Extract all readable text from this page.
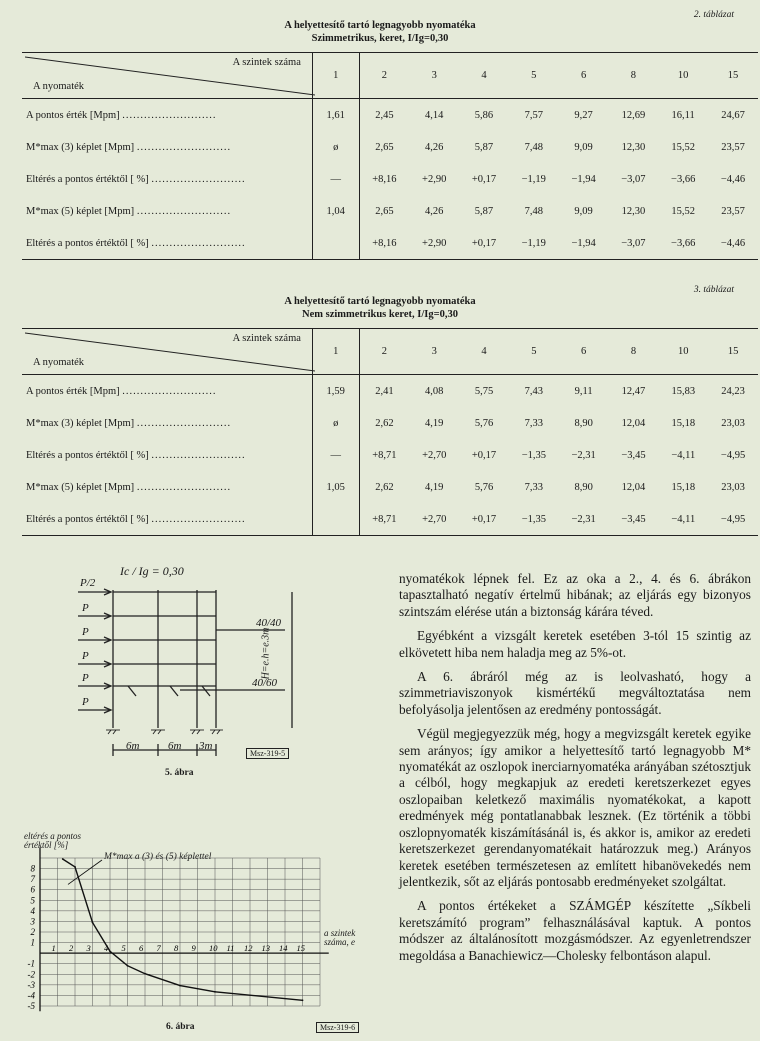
2. táblázat
A helyettesítő tartó legnagyobb nyomatéka
Szimmetrikus, keret, I/Ig=0,30
A szintek száma
A nyomaték	1	2	3	4	5	6	8	10	15
A pontos érték [Mpm] ..........................	1,61	2,45	4,14	5,86	7,57	9,27	12,69	16,11	24,67
M*max (3) képlet [Mpm] ..........................	ø	2,65	4,26	5,87	7,48	9,09	12,30	15,52	23,57
Eltérés a pontos értéktől [ %] ..........................	—	+8,16	+2,90	+0,17	−1,19	−1,94	−3,07	−3,66	−4,46
M*max (5) képlet [Mpm] ..........................	1,04	2,65	4,26	5,87	7,48	9,09	12,30	15,52	23,57
Eltérés a pontos értéktől [ %] ..........................		+8,16	+2,90	+0,17	−1,19	−1,94	−3,07	−3,66	−4,46
3. táblázat
A helyettesítő tartó legnagyobb nyomatéka
Nem szimmetrikus keret, I/Ig=0,30
A szintek száma
A nyomaték	1	2	3	4	5	6	8	10	15
A pontos érték [Mpm] ..........................	1,59	2,41	4,08	5,75	7,43	9,11	12,47	15,83	24,23
M*max (3) képlet [Mpm] ..........................	ø	2,62	4,19	5,76	7,33	8,90	12,04	15,18	23,03
Eltérés a pontos értéktől [ %] ..........................	—	+8,71	+2,70	+0,17	−1,35	−2,31	−3,45	−4,11	−4,95
M*max (5) képlet [Mpm] ..........................	1,05	2,62	4,19	5,76	7,33	8,90	12,04	15,18	23,03
Eltérés a pontos értéktől [ %] ..........................		+8,71	+2,70	+0,17	−1,35	−2,31	−3,45	−4,11	−4,95
Ic / Ig = 0,30
P/2
P
P
P
P
P
40/40
40/60
H=e.h=e.3m
6m	6m 3m
Msz-319-5
5. ábra
eltérés a pontos
értéktől [%]
M*max a (3) és (5) képlettel
a szintek
száma, e
8
7
6
5
4
3
2
1
-1
-2
-3
-4
-5
1 2 3 4 5 6 7 8 9 10 11 12 13 14 15
Msz-319-6
6. ábra

nyomatékok lépnek fel. Ez az oka a 2., 4. és 6. ábrákon tapasztalható negatív értelmű hibának; az eljárás egy bizonyos szintszám elérése után a biztonság kárára téved.

Egyébként a vizsgált keretek esetében 3-tól 15 szintig az elkövetett hiba nem haladja meg az 5%-ot.

A 6. ábráról még az is leolvasható, hogy a szimmetriaviszonyok kismértékű megváltoztatása nem befolyásolja jelentősen az eredmény pontosságát.

Végül megjegyezzük még, hogy a megvizsgált keretek egyike sem arányos; így amikor a helyettesítő tartó legnagyobb M* nyomatékát az oszlopok inerciarnyomatéka arányában szétosztjuk a célból, hogy megkapjuk az eredeti keretszerkezet egyes oszlopaiban keletkező maximális nyomatékokat, a kapott eredmények még pontatlanabbak lesznek. (Ez történik a többi oszlopnyomaték kiszámításánál is, és akkor is, amikor az eredeti keretszerkezet gerendanyomatékait határozzuk meg.) Arányos keretek esetében természetesen az említett hibanövekedés nem jelentkezik, sőt az eljárás pontosabb eredményeket szolgáltat.

A pontos értékeket a SZÁMGÉP készítette „Síkbeli keretszámító program” felhasználásával kaptuk. A pontos módszer az általánosított mozgásmódszer. Az egyenletrendszer megoldása a Banachiewicz—Cholesky felbontáson alapul.
